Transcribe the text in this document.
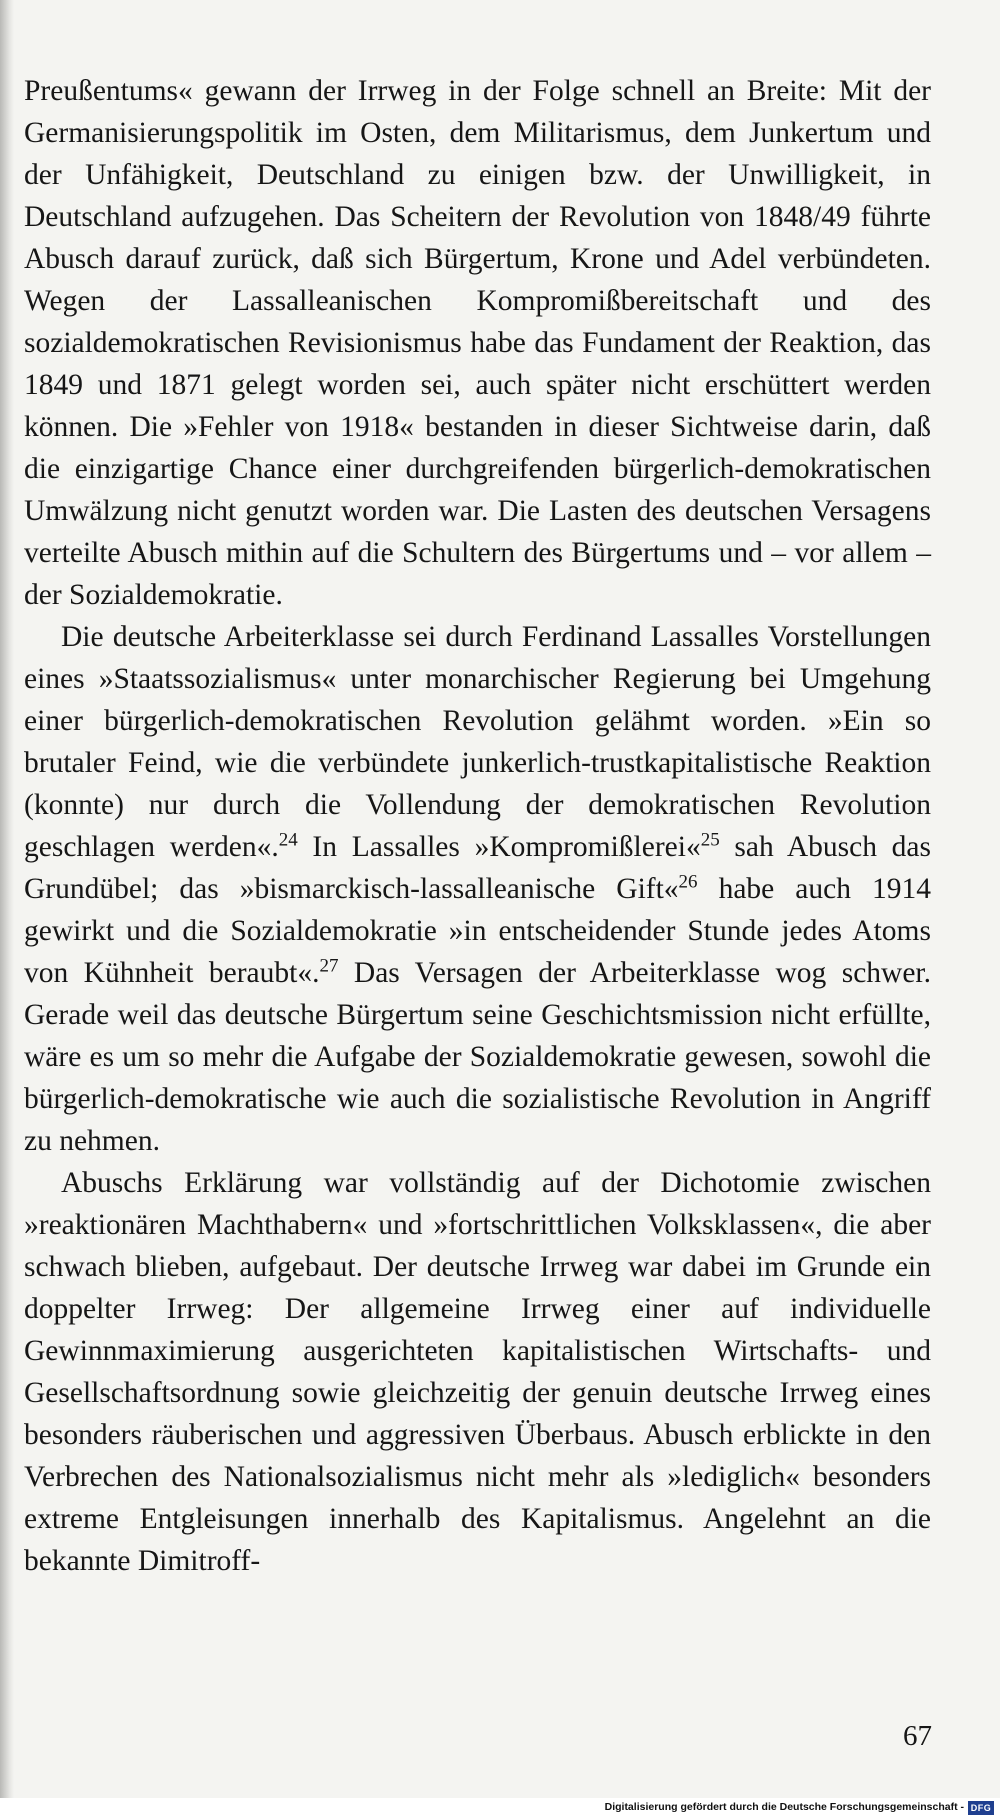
Preußentums« gewann der Irrweg in der Folge schnell an Breite: Mit der Germanisierungspolitik im Osten, dem Militarismus, dem Junkertum und der Unfähigkeit, Deutschland zu einigen bzw. der Unwilligkeit, in Deutschland aufzugehen. Das Scheitern der Revolution von 1848/49 führte Abusch darauf zurück, daß sich Bürgertum, Krone und Adel verbündeten. Wegen der Lassalleanischen Kompromißbereitschaft und des sozialdemokratischen Revisionismus habe das Fundament der Reaktion, das 1849 und 1871 gelegt worden sei, auch später nicht erschüttert werden können. Die »Fehler von 1918« bestanden in dieser Sichtweise darin, daß die einzigartige Chance einer durchgreifenden bürgerlich-demokratischen Umwälzung nicht genutzt worden war. Die Lasten des deutschen Versagens verteilte Abusch mithin auf die Schultern des Bürgertums und – vor allem – der Sozialdemokratie.

Die deutsche Arbeiterklasse sei durch Ferdinand Lassalles Vorstellungen eines »Staatssozialismus« unter monarchischer Regierung bei Umgehung einer bürgerlich-demokratischen Revolution gelähmt worden. »Ein so brutaler Feind, wie die verbündete junkerlich-trustkapitalistische Reaktion (konnte) nur durch die Vollendung der demokratischen Revolution geschlagen werden«.$^{24}$ In Lassalles »Kompromißlerei«$^{25}$ sah Abusch das Grundübel; das »bismarckisch-lassalleanische Gift«$^{26}$ habe auch 1914 gewirkt und die Sozialdemokratie »in entscheidender Stunde jedes Atoms von Kühnheit beraubt«.$^{27}$ Das Versagen der Arbeiterklasse wog schwer. Gerade weil das deutsche Bürgertum seine Geschichtsmission nicht erfüllte, wäre es um so mehr die Aufgabe der Sozialdemokratie gewesen, sowohl die bürgerlich-demokratische wie auch die sozialistische Revolution in Angriff zu nehmen.

Abuschs Erklärung war vollständig auf der Dichotomie zwischen »reaktionären Machthabern« und »fortschrittlichen Volksklassen«, die aber schwach blieben, aufgebaut. Der deutsche Irrweg war dabei im Grunde ein doppelter Irrweg: Der allgemeine Irrweg einer auf individuelle Gewinnmaximierung ausgerichteten kapitalistischen Wirtschafts- und Gesellschaftsordnung sowie gleichzeitig der genuin deutsche Irrweg eines besonders räuberischen und aggressiven Überbaus. Abusch erblickte in den Verbrechen des Nationalsozialismus nicht mehr als »lediglich« besonders extreme Entgleisungen innerhalb des Kapitalismus. Angelehnt an die bekannte Dimitroff-

67
Digitalisierung gefördert durch die Deutsche Forschungsgemeinschaft - DFG
